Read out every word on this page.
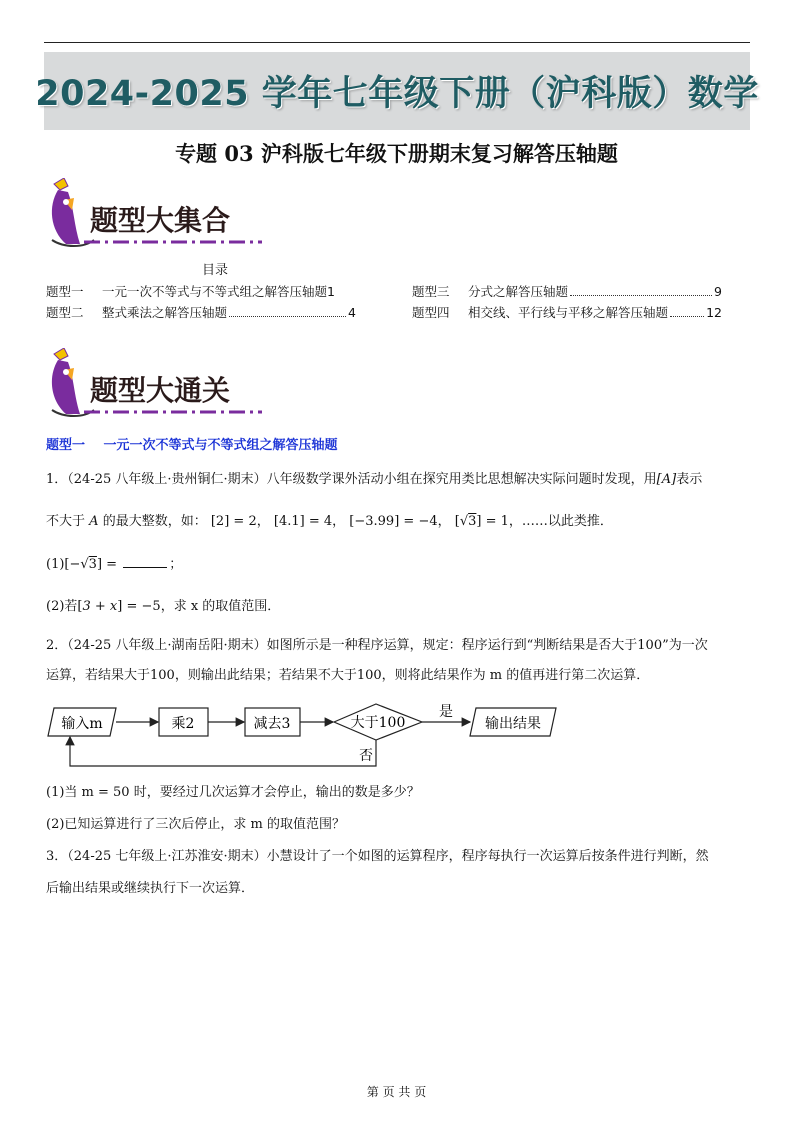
2024-2025 学年七年级下册（沪科版）数学
专题 03 沪科版七年级下册期末复习解答压轴题
题型大集合
目录
题型一	一元一次不等式与不等式组之解答压轴题 1
题型二	整式乘法之解答压轴题	4
题型三	分式之解答压轴题	9
题型四	相交线、平行线与平移之解答压轴题	12
题型大通关
题型一 一元一次不等式与不等式组之解答压轴题
1．（24-25 八年级上·贵州铜仁·期末）八年级数学课外活动小组在探究用类比思想解决实际问题时发现，用[A]表示
不大于 A 的最大整数，如： [2] = 2， [4.1] = 4， [−3.99] = −4， [√3] = 1，……以此类推．
(1)[−√3] =	；
(2)若[3 + x] = −5，求 x 的取值范围．
2．（24-25 八年级上·湖南岳阳·期末）如图所示是一种程序运算，规定：程序运行到“判断结果是否大于100”为一次
运算，若结果大于100，则输出此结果；若结果不大于100，则将此结果作为 m 的值再进行第二次运算．
输入m	乘2	减去3	大于100
是
输出结果
否
(1)当 m = 50 时，要经过几次运算才会停止，输出的数是多少？
(2)已知运算进行了三次后停止，求 m 的取值范围？
3．（24-25 七年级上·江苏淮安·期末）小慧设计了一个如图的运算程序，程序每执行一次运算后按条件进行判断，然
后输出结果或继续执行下一次运算．
第 页 共 页
